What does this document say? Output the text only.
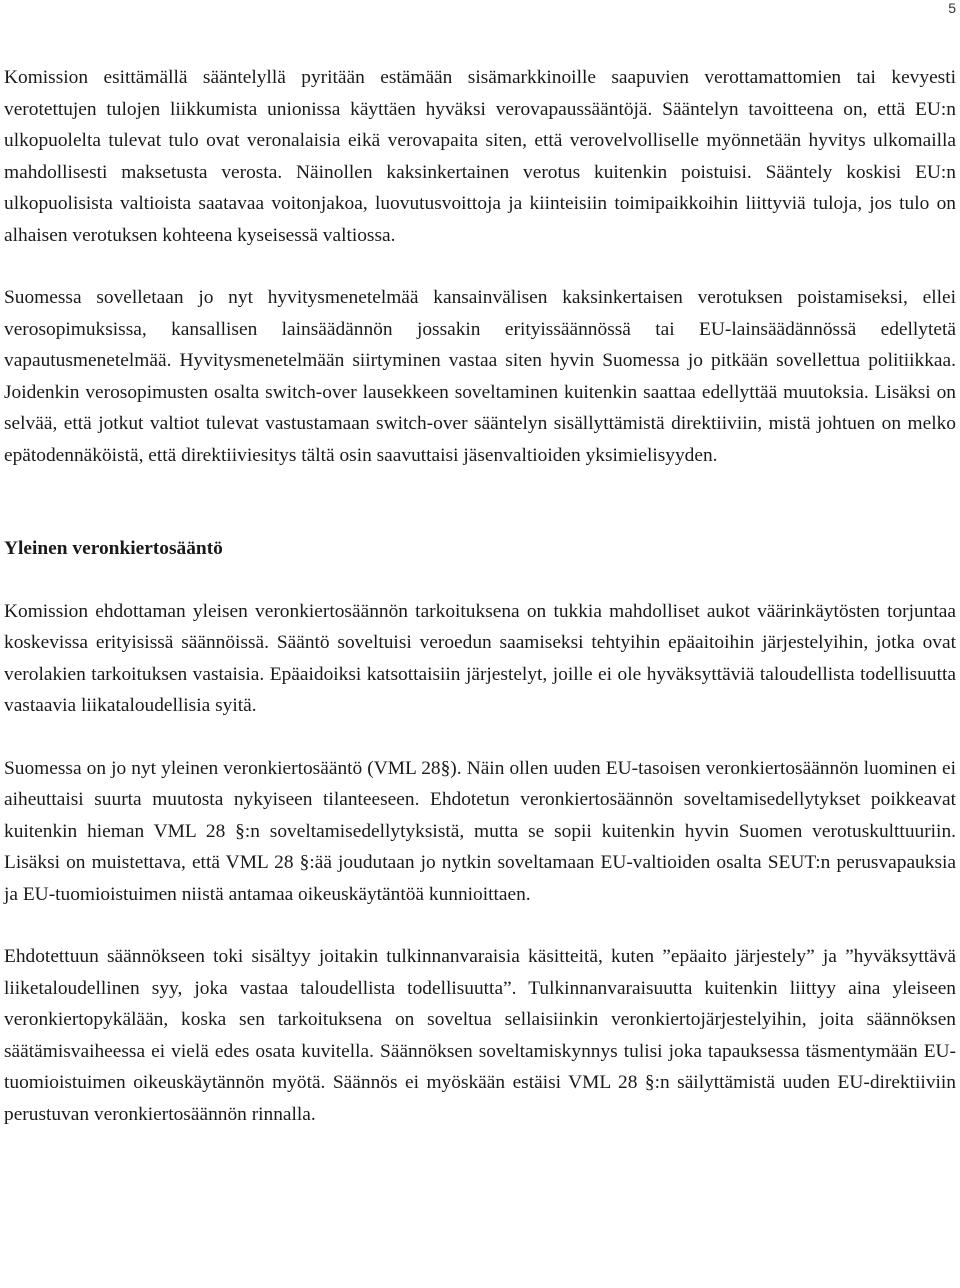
5

Komission esittämällä sääntelyllä pyritään estämään sisämarkkinoille saapuvien verottamattomien tai kevyesti verotettujen tulojen liikkumista unionissa käyttäen hyväksi verovapaussääntöjä. Sääntelyn tavoitteena on, että EU:n ulkopuolelta tulevat tulo ovat veronalaisia eikä verovapaita siten, että verovelvolliselle myönnetään hyvitys ulkomailla mahdollisesti maksetusta verosta. Näinollen kaksinkertainen verotus kuitenkin poistuisi. Sääntely koskisi EU:n ulkopuolisista valtioista saatavaa voitonjakoa, luovutusvoittoja ja kiinteisiin toimipaikkoihin liittyviä tuloja, jos tulo on alhaisen verotuksen kohteena kyseisessä valtiossa.

Suomessa sovelletaan jo nyt hyvitysmenetelmää kansainvälisen kaksinkertaisen verotuksen poistamiseksi, ellei verosopimuksissa, kansallisen lainsäädännön jossakin erityissäännössä tai EU-lainsäädännössä edellytetä vapautusmenetelmää. Hyvitysmenetelmään siirtyminen vastaa siten hyvin Suomessa jo pitkään sovellettua politiikkaa. Joidenkin verosopimusten osalta switch-over lausekkeen soveltaminen kuitenkin saattaa edellyttää muutoksia. Lisäksi on selvää, että jotkut valtiot tulevat vastustamaan switch-over sääntelyn sisällyttämistä direktiiviin, mistä johtuen on melko epätodennäköistä, että direktiiviesitys tältä osin saavuttaisi jäsenvaltioiden yksimielisyyden.

Yleinen veronkiertosääntö

Komission ehdottaman yleisen veronkiertosäännön tarkoituksena on tukkia mahdolliset aukot väärinkäytösten torjuntaa koskevissa erityisissä säännöissä. Sääntö soveltuisi veroedun saamiseksi tehtyihin epäaitoihin järjestelyihin, jotka ovat verolakien tarkoituksen vastaisia. Epäaidoiksi katsottaisiin järjestelyt, joille ei ole hyväksyttäviä taloudellista todellisuutta vastaavia liikataloudellisia syitä.

Suomessa on jo nyt yleinen veronkiertosääntö (VML 28§). Näin ollen uuden EU-tasoisen veronkiertosäännön luominen ei aiheuttaisi suurta muutosta nykyiseen tilanteeseen. Ehdotetun veronkiertosäännön soveltamisedellytykset poikkeavat kuitenkin hieman VML 28 §:n soveltamisedellytyksistä, mutta se sopii kuitenkin hyvin Suomen verotuskulttuuriin. Lisäksi on muistettava, että VML 28 §:ää joudutaan jo nytkin soveltamaan EU-valtioiden osalta SEUT:n perusvapauksia ja EU-tuomioistuimen niistä antamaa oikeuskäytäntöä kunnioittaen.

Ehdotettuun säännökseen toki sisältyy joitakin tulkinnanvaraisia käsitteitä, kuten ”epäaito järjestely” ja ”hyväksyttävä liiketaloudellinen syy, joka vastaa taloudellista todellisuutta”. Tulkinnanvaraisuutta kuitenkin liittyy aina yleiseen veronkiertopykälään, koska sen tarkoituksena on soveltua sellaisiinkin veronkiertojärjestelyihin, joita säännöksen säätämisvaiheessa ei vielä edes osata kuvitella. Säännöksen soveltamiskynnys tulisi joka tapauksessa täsmentymään EU-tuomioistuimen oikeuskäytännön myötä. Säännös ei myöskään estäisi VML 28 §:n säilyttämistä uuden EU-direktiiviin perustuvan veronkiertosäännön rinnalla.
